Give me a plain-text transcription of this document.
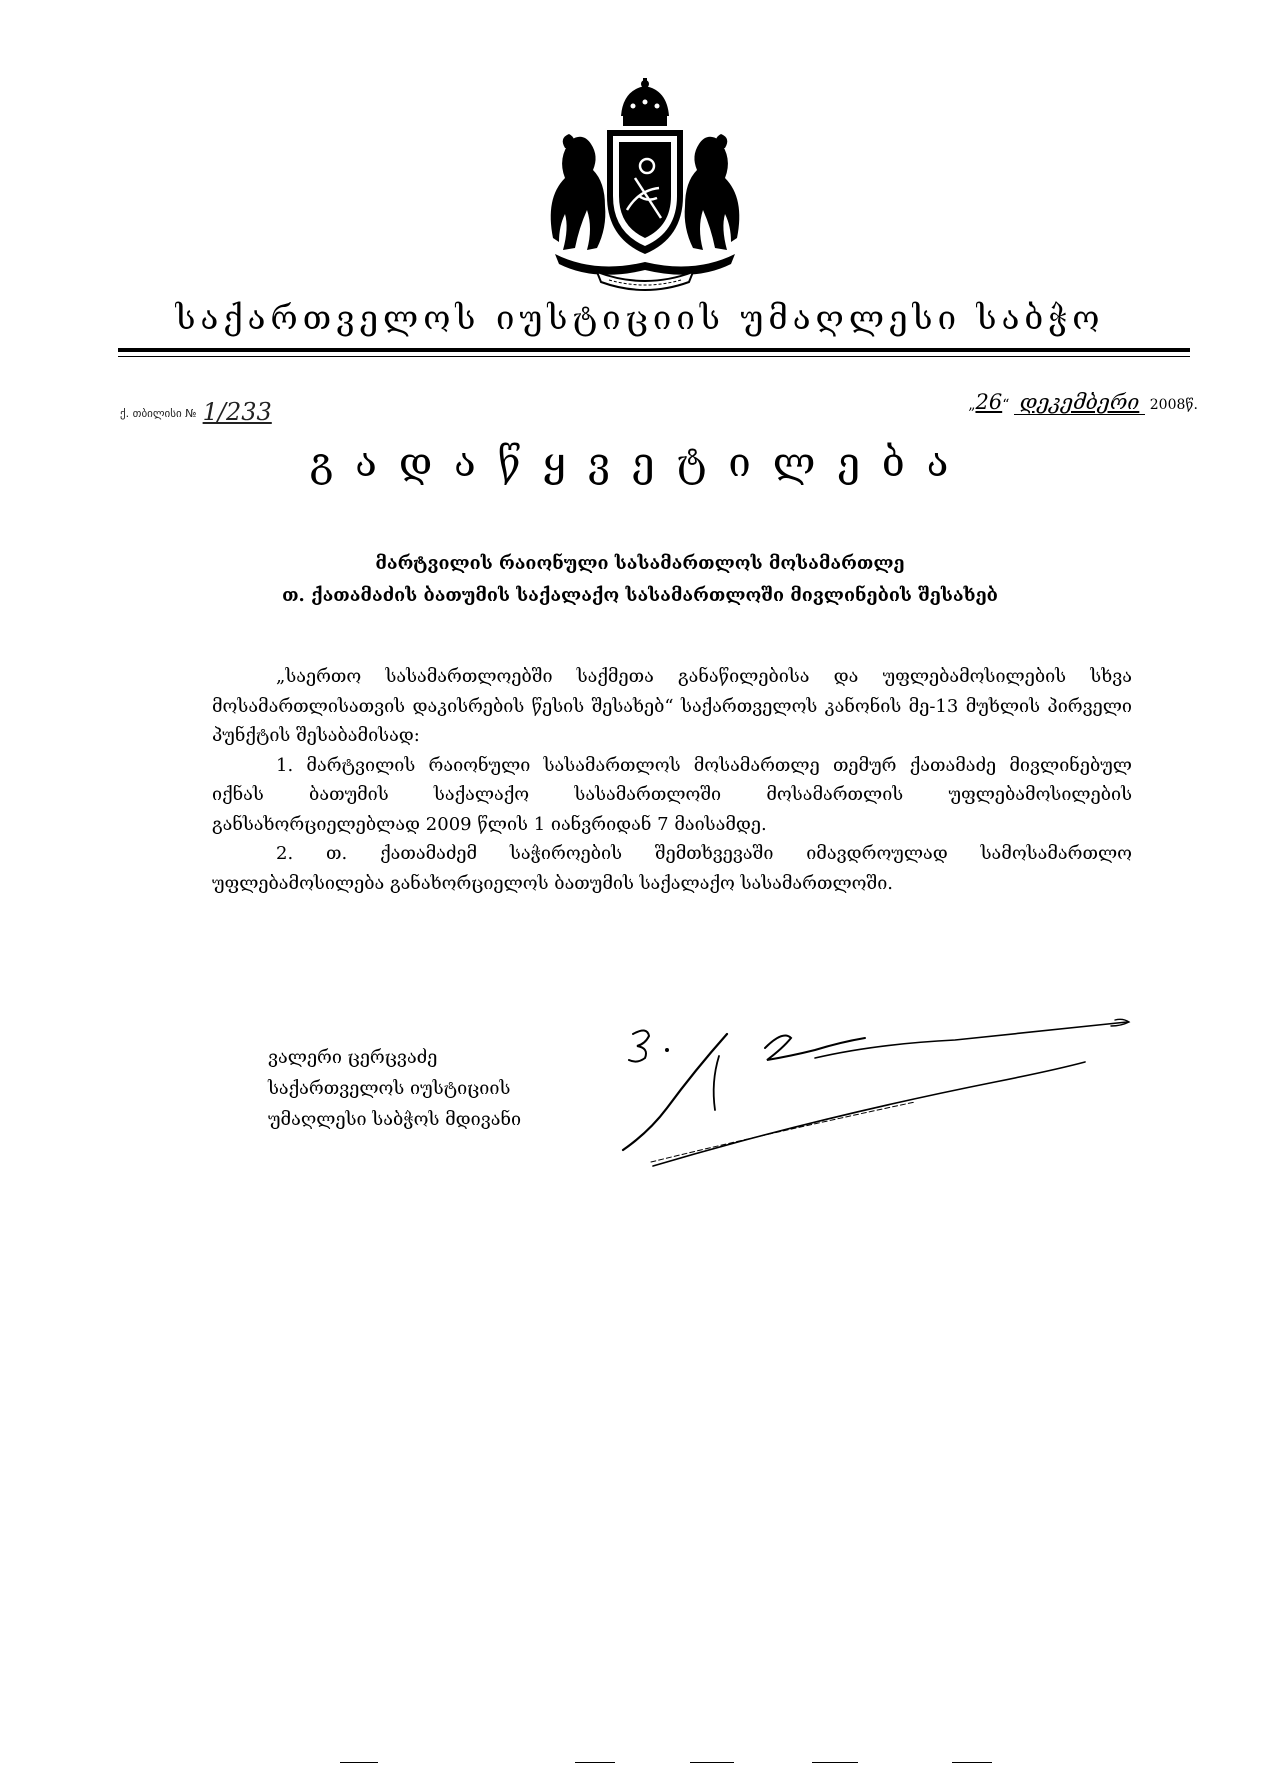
საქართველოს იუსტიციის უმაღლესი საბჭო
ქ. თბილისი № 1/233	„26“ დეკემბერი 2008წ.
გადაწყვეტილება
მარტვილის რაიონული სასამართლოს მოსამართლე
თ. ქათამაძის ბათუმის საქალაქო სასამართლოში მივლინების შესახებ

„საერთო სასამართლოებში საქმეთა განაწილებისა და უფლებამოსილების სხვა მოსამართლისათვის დაკისრების წესის შესახებ“ საქართველოს კანონის მე-13 მუხლის პირველი პუნქტის შესაბამისად:

1. მარტვილის რაიონული სასამართლოს მოსამართლე თემურ ქათამაძე მივლინებულ იქნას ბათუმის საქალაქო სასამართლოში მოსამართლის უფლებამოსილების განსახორციელებლად 2009 წლის 1 იანვრიდან 7 მაისამდე.

2. თ. ქათამაძემ საჭიროების შემთხვევაში იმავდროულად სამოსამართლო უფლებამოსილება განახორციელოს ბათუმის საქალაქო სასამართლოში.

ვალერი ცერცვაძე
საქართველოს იუსტიციის
უმაღლესი საბჭოს მდივანი
